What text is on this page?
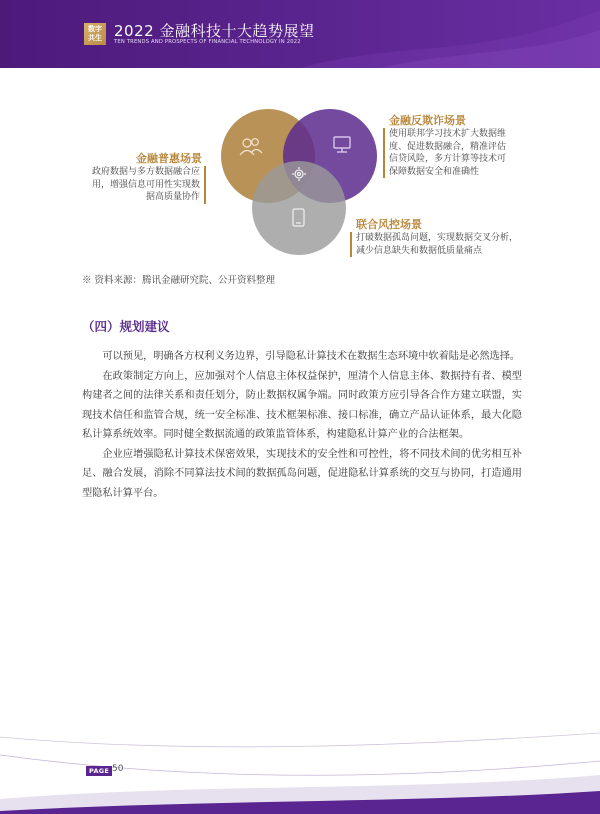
数字
共生 2022 金融科技十大趋势展望
TEN TRENDS AND PROSPECTS OF FINANCIAL TECHNOLOGY IN 2022
金融普惠场景
政府数据与多方数据融合应
用，增强信息可用性实现数
据高质量协作
金融反欺诈场景
使用联邦学习技术扩大数据维
度、促进数据融合，精准评估
信贷风险，多方计算等技术可
保障数据安全和准确性
联合风控场景
打破数据孤岛问题，实现数据交叉分析，
减少信息缺失和数据低质量痛点
※ 资料来源：腾讯金融研究院、公开资料整理
（四）规划建议

可以预见，明确各方权利义务边界，引导隐私计算技术在数据生态环境中软着陆是必然选择。

在政策制定方向上，应加强对个人信息主体权益保护，厘清个人信息主体、数据持有者、模型构建者之间的法律关系和责任划分，防止数据权属争端。同时政策方应引导各合作方建立联盟，实现技术信任和监管合规，统一安全标准、技术框架标准、接口标准，确立产品认证体系，最大化隐私计算系统效率。同时健全数据流通的政策监管体系，构建隐私计算产业的合法框架。

企业应增强隐私计算技术保密效果，实现技术的安全性和可控性，将不同技术间的优劣相互补足、融合发展，消除不同算法技术间的数据孤岛问题，促进隐私计算系统的交互与协同，打造通用型隐私计算平台。

PAGE 50
